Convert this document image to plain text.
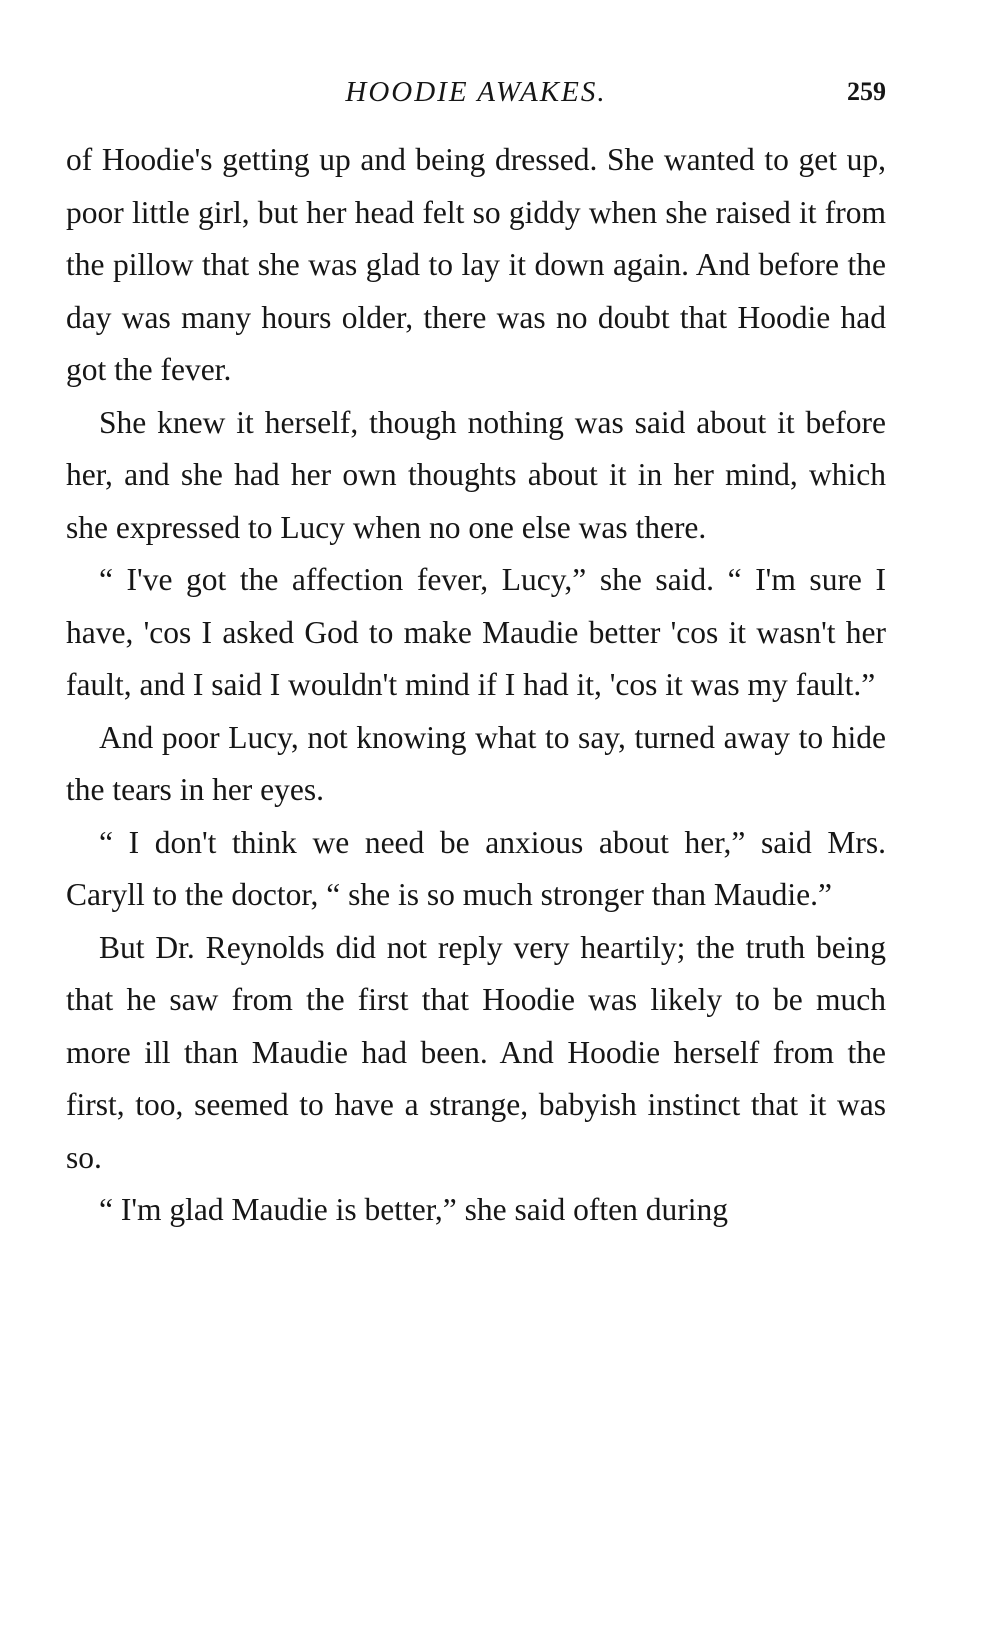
HOODIE AWAKES.	259

of Hoodie's getting up and being dressed. She wanted to get up, poor little girl, but her head felt so giddy when she raised it from the pillow that she was glad to lay it down again. And before the day was many hours older, there was no doubt that Hoodie had got the fever.

She knew it herself, though nothing was said about it before her, and she had her own thoughts about it in her mind, which she expressed to Lucy when no one else was there.

“ I've got the affection fever, Lucy,” she said. “ I'm sure I have, 'cos I asked God to make Maudie better 'cos it wasn't her fault, and I said I wouldn't mind if I had it, 'cos it was my fault.”

And poor Lucy, not knowing what to say, turned away to hide the tears in her eyes.

“ I don't think we need be anxious about her,” said Mrs. Caryll to the doctor, “ she is so much stronger than Maudie.”

But Dr. Reynolds did not reply very heartily; the truth being that he saw from the first that Hoodie was likely to be much more ill than Maudie had been. And Hoodie herself from the first, too, seemed to have a strange, babyish instinct that it was so.

“ I'm glad Maudie is better,” she said often during
